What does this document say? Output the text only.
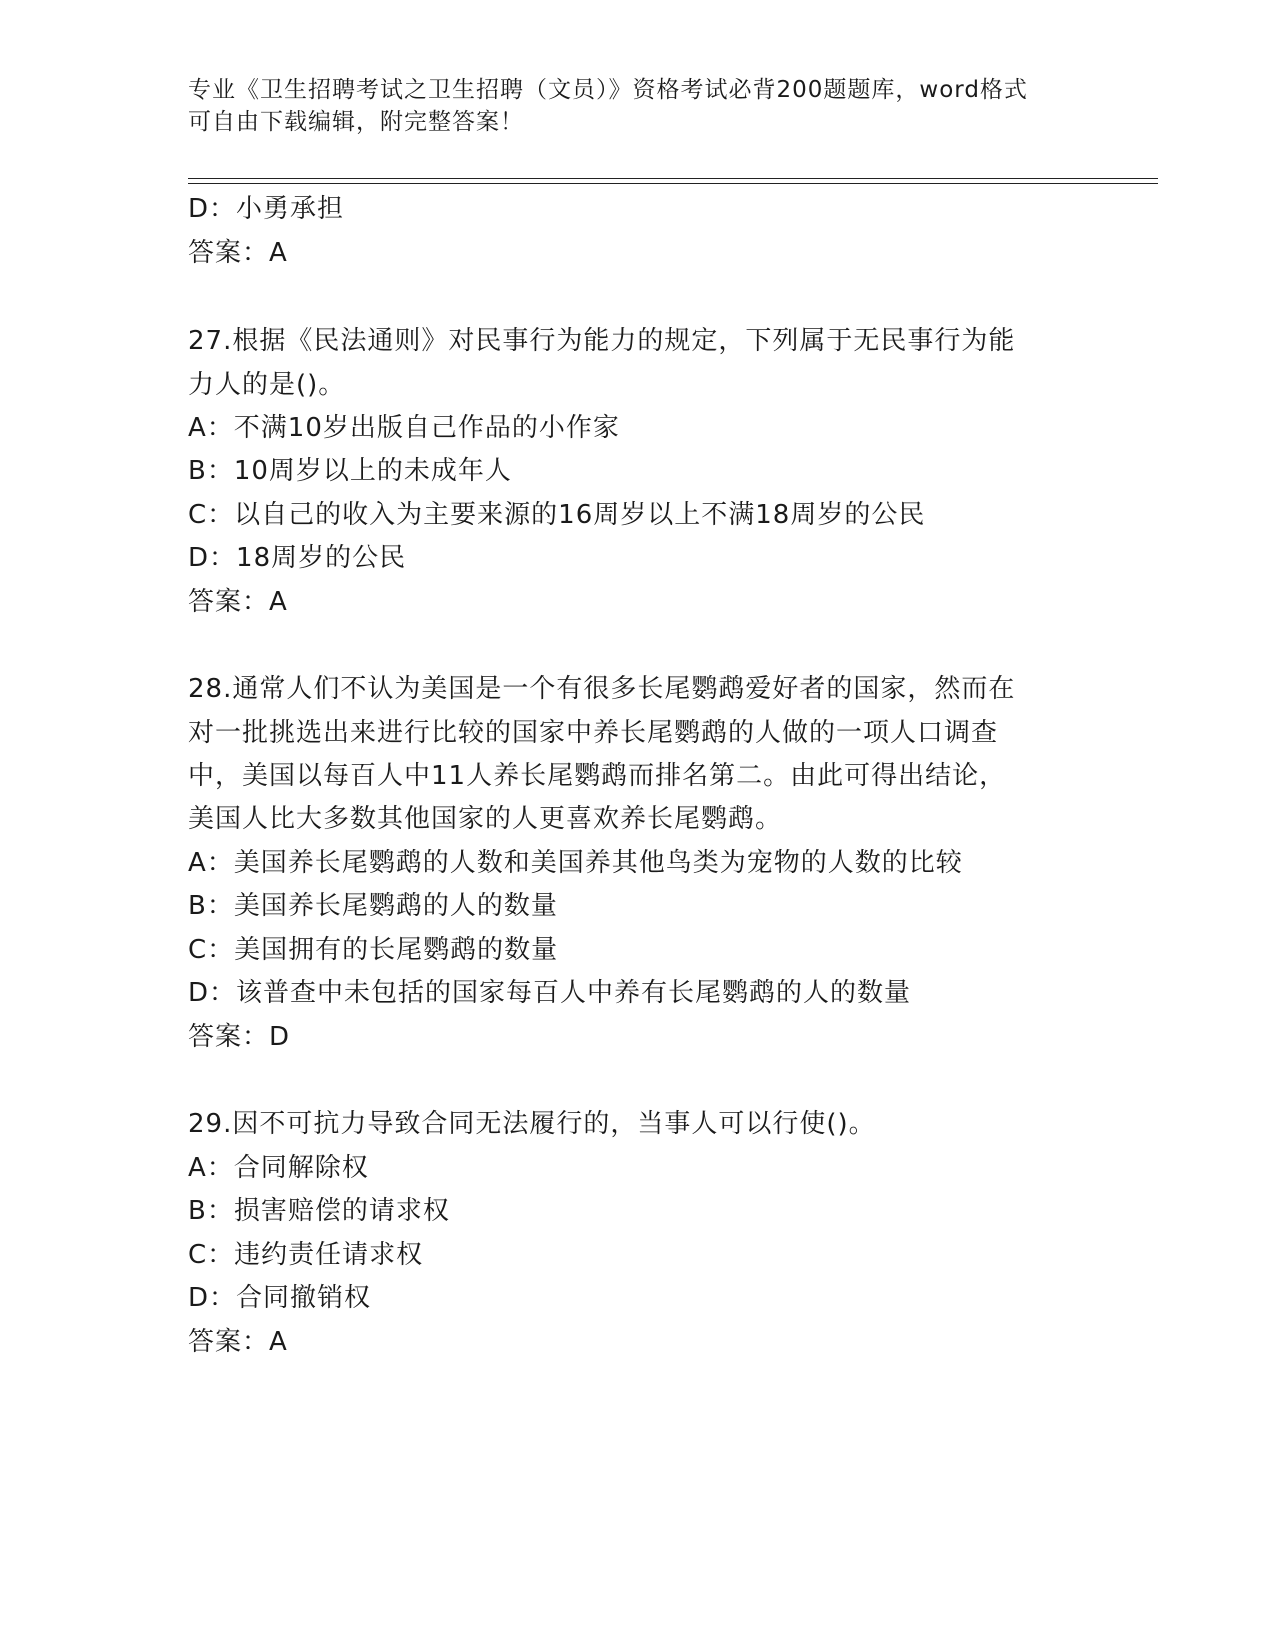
专业《卫生招聘考试之卫生招聘（文员）》资格考试必背200题题库，word格式
可自由下载编辑，附完整答案！
D：小勇承担
答案：A
27.根据《民法通则》对民事行为能力的规定，下列属于无民事行为能
力人的是()。
A：不满10岁出版自己作品的小作家
B：10周岁以上的未成年人
C：以自己的收入为主要来源的16周岁以上不满18周岁的公民
D：18周岁的公民
答案：A
28.通常人们不认为美国是一个有很多长尾鹦鹉爱好者的国家，然而在
对一批挑选出来进行比较的国家中养长尾鹦鹉的人做的一项人口调查
中，美国以每百人中11人养长尾鹦鹉而排名第二。由此可得出结论，
美国人比大多数其他国家的人更喜欢养长尾鹦鹉。
A：美国养长尾鹦鹉的人数和美国养其他鸟类为宠物的人数的比较
B：美国养长尾鹦鹉的人的数量
C：美国拥有的长尾鹦鹉的数量
D：该普查中未包括的国家每百人中养有长尾鹦鹉的人的数量
答案：D
29.因不可抗力导致合同无法履行的，当事人可以行使()。
A：合同解除权
B：损害赔偿的请求权
C：违约责任请求权
D：合同撤销权
答案：A
